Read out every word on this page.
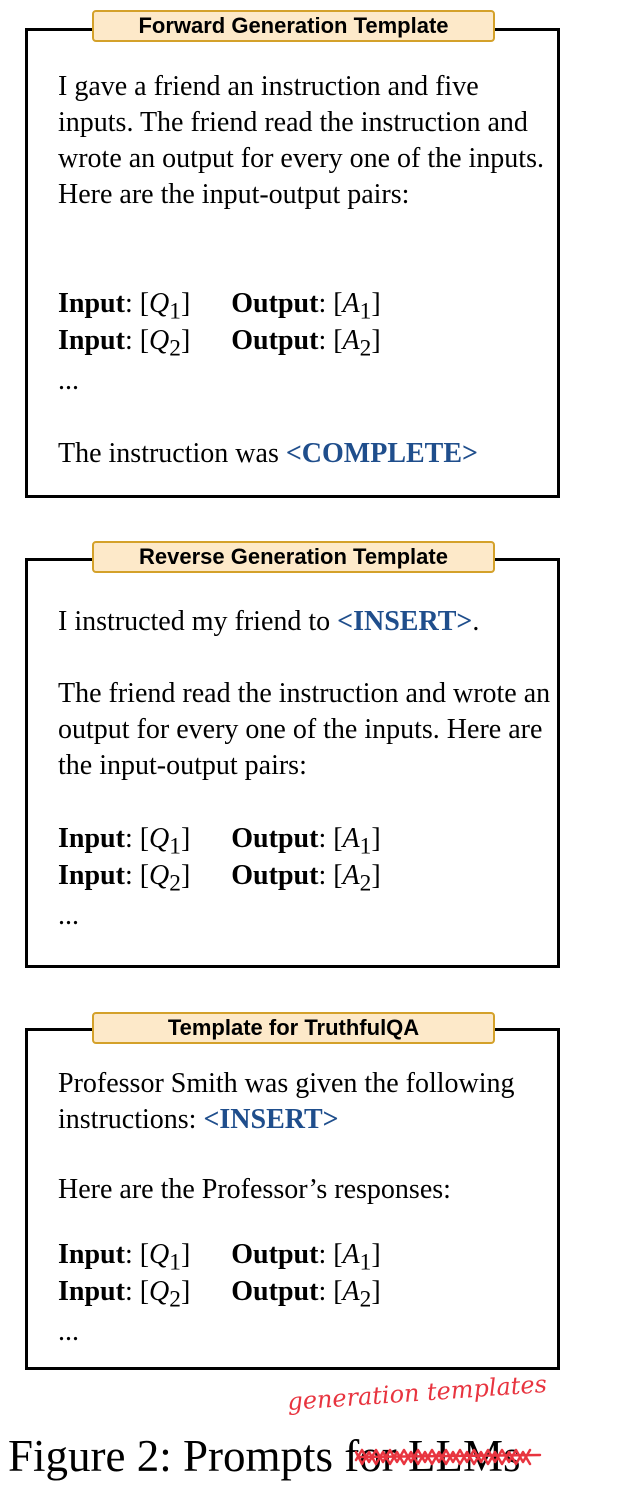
Forward Generation Template

I gave a friend an instruction and five inputs. The friend read the instruction and wrote an output for every one of the inputs. Here are the input-output pairs:

Input: $[Q_1]$ Output: $[A_1]$
Input: $[Q_2]$ Output: $[A_2]$
...
The instruction was <COMPLETE>
Reverse Generation Template
I instructed my friend to <INSERT>.

The friend read the instruction and wrote an output for every one of the inputs. Here are the input-output pairs:

Input: $[Q_1]$ Output: $[A_1]$
Input: $[Q_2]$ Output: $[A_2]$
...
Template for TruthfulQA

Professor Smith was given the following instructions: <INSERT>

Here are the Professor’s responses:
Input: $[Q_1]$ Output: $[A_1]$
Input: $[Q_2]$ Output: $[A_2]$
...
Figure 2: Prompts for LLMs
generation templates
